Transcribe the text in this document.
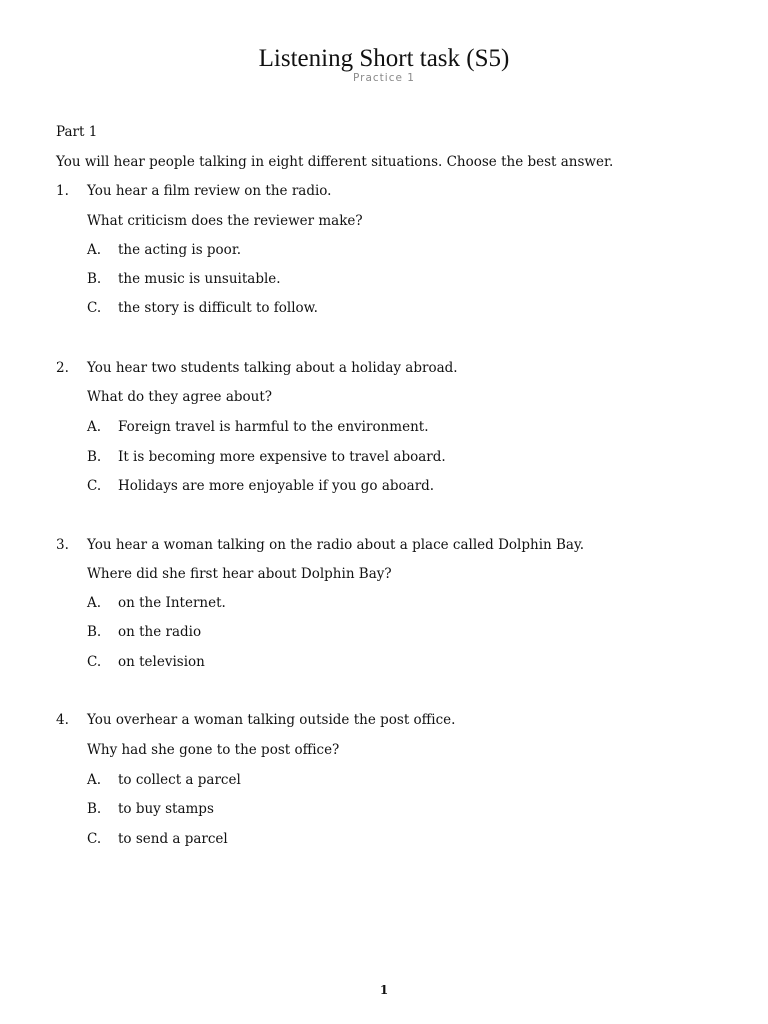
Listening Short task (S5)
Practice 1
Part 1
You will hear people talking in eight different situations. Choose the best answer.
1. You hear a film review on the radio.
What criticism does the reviewer make?
A. the acting is poor.
B. the music is unsuitable.
C. the story is difficult to follow.
2. You hear two students talking about a holiday abroad.
What do they agree about?
A. Foreign travel is harmful to the environment.
B. It is becoming more expensive to travel aboard.
C. Holidays are more enjoyable if you go aboard.
3. You hear a woman talking on the radio about a place called Dolphin Bay.
Where did she first hear about Dolphin Bay?
A. on the Internet.
B. on the radio
C. on television
4. You overhear a woman talking outside the post office.
Why had she gone to the post office?
A. to collect a parcel
B. to buy stamps
C. to send a parcel
1
